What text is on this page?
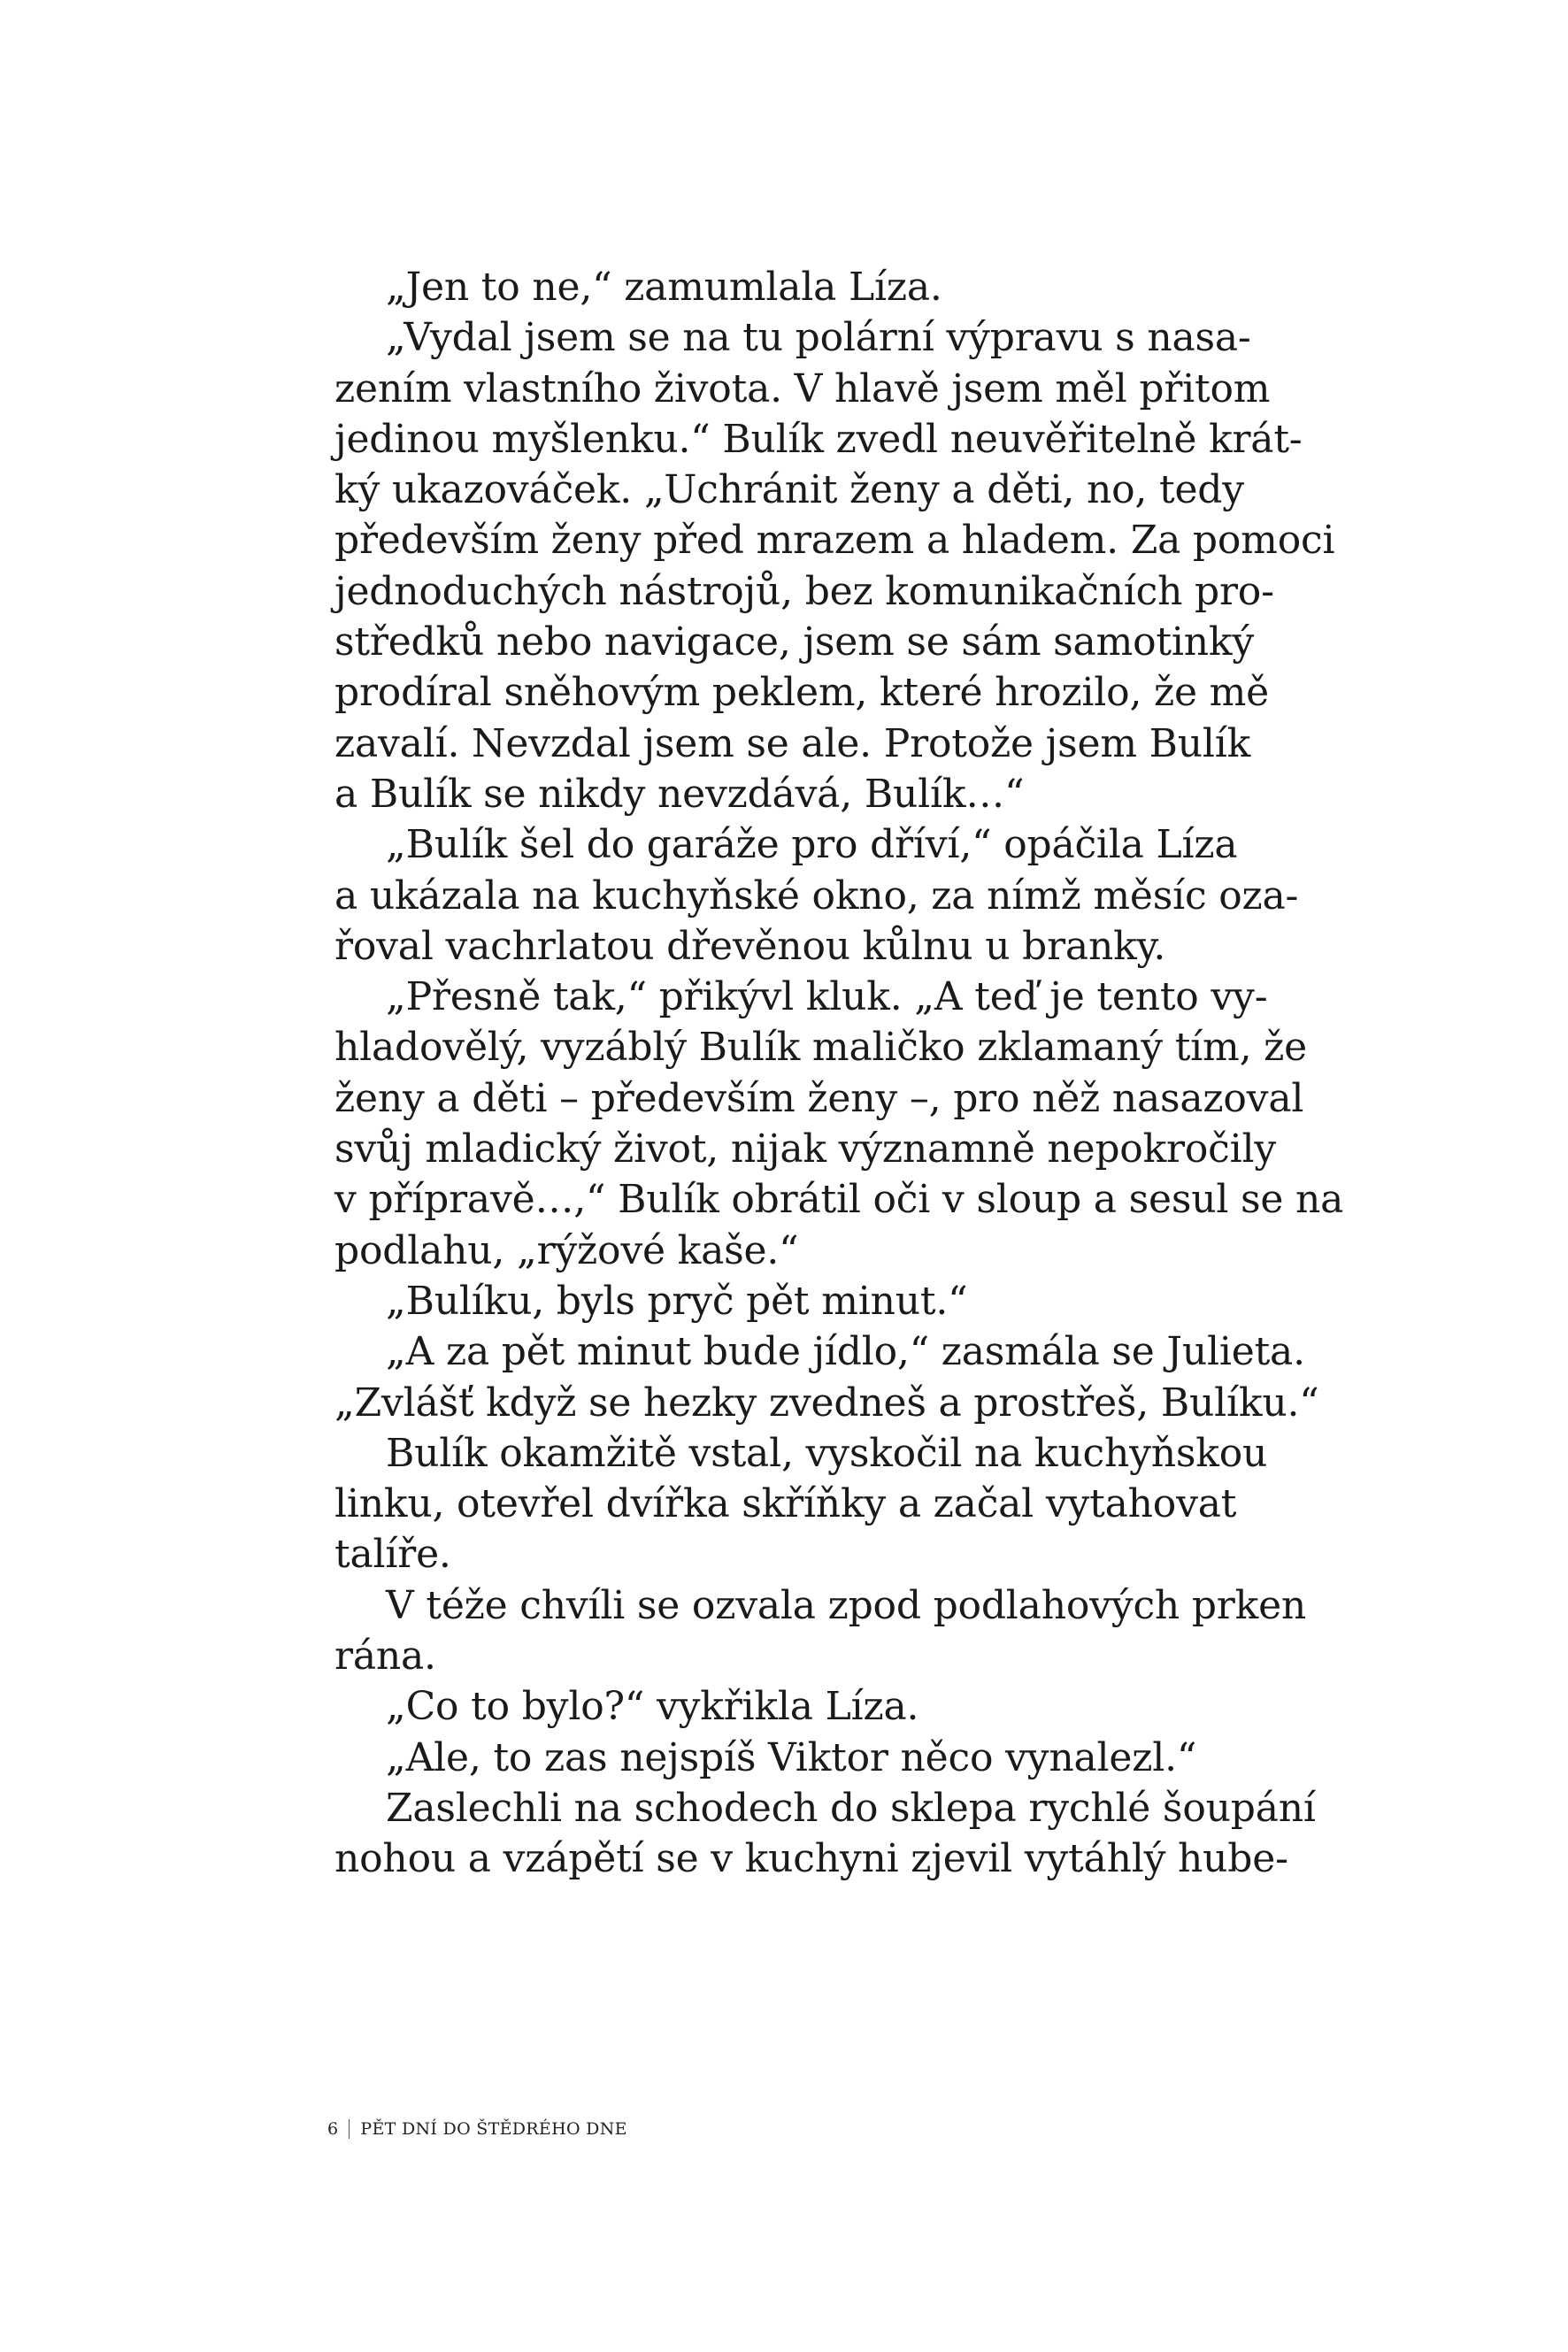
„Jen to ne,“ zamumlala Líza.
„Vydal jsem se na tu polární výpravu s nasa-
zením vlastního života. V hlavě jsem měl přitom
jedinou myšlenku.“ Bulík zvedl neuvěřitelně krát-
ký ukazováček. „Uchránit ženy a děti, no, tedy
především ženy před mrazem a hladem. Za pomoci
jednoduchých nástrojů, bez komunikačních pro-
středků nebo navigace, jsem se sám samotinký
prodíral sněhovým peklem, které hrozilo, že mě
zavalí. Nevzdal jsem se ale. Protože jsem Bulík
a Bulík se nikdy nevzdává, Bulík…“
„Bulík šel do garáže pro dříví,“ opáčila Líza
a ukázala na kuchyňské okno, za nímž měsíc oza-
řoval vachrlatou dřevěnou kůlnu u branky.
„Přesně tak,“ přikývl kluk. „A teď je tento vy-
hladovělý, vyzáblý Bulík maličko zklamaný tím, že
ženy a děti – především ženy –, pro něž nasazoval
svůj mladický život, nijak významně nepokročily
v přípravě…,“ Bulík obrátil oči v sloup a sesul se na
podlahu, „rýžové kaše.“
„Bulíku, byls pryč pět minut.“
„A za pět minut bude jídlo,“ zasmála se Julieta.
„Zvlášť když se hezky zvedneš a prostřeš, Bulíku.“
Bulík okamžitě vstal, vyskočil na kuchyňskou
linku, otevřel dvířka skříňky a začal vytahovat
talíře.
V téže chvíli se ozvala zpod podlahových prken
rána.
„Co to bylo?“ vykřikla Líza.
„Ale, to zas nejspíš Viktor něco vynalezl.“
Zaslechli na schodech do sklepa rychlé šoupání
nohou a vzápětí se v kuchyni zjevil vytáhlý hube-
6 PĚT DNÍ DO ŠTĚDRÉHO DNE
